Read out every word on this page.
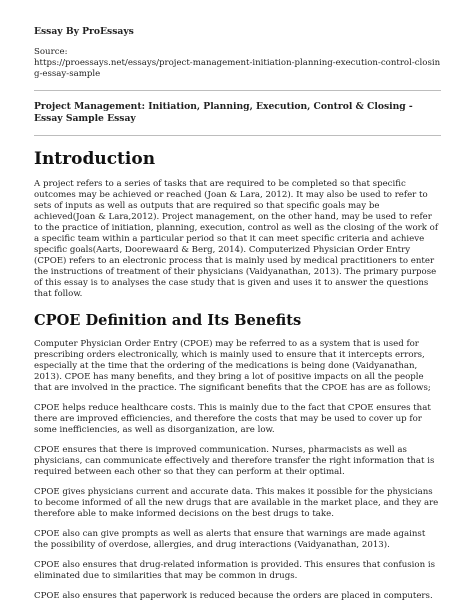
Essay By ProEssays
Source:
https://proessays.net/essays/project-management-initiation-planning-execution-control-closing-essay-sample
Project Management: Initiation, Planning, Execution, Control & Closing - Essay Sample Essay
Introduction

A project refers to a series of tasks that are required to be completed so that specific outcomes may be achieved or reached (Joan & Lara, 2012). It may also be used to refer to sets of inputs as well as outputs that are required so that specific goals may be achieved(Joan & Lara,2012). Project management, on the other hand, may be used to refer to the practice of initiation, planning, execution, control as well as the closing of the work of a specific team within a particular period so that it can meet specific criteria and achieve specific goals(Aarts, Doorewaard & Berg, 2014). Computerized Physician Order Entry (CPOE) refers to an electronic process that is mainly used by medical practitioners to enter the instructions of treatment of their physicians (Vaidyanathan, 2013). The primary purpose of this essay is to analyses the case study that is given and uses it to answer the questions that follow.

CPOE Definition and Its Benefits

Computer Physician Order Entry (CPOE) may be referred to as a system that is used for prescribing orders electronically, which is mainly used to ensure that it intercepts errors, especially at the time that the ordering of the medications is being done (Vaidyanathan, 2013). CPOE has many benefits, and they bring a lot of positive impacts on all the people that are involved in the practice. The significant benefits that the CPOE has are as follows;

CPOE helps reduce healthcare costs. This is mainly due to the fact that CPOE ensures that there are improved efficiencies, and therefore the costs that may be used to cover up for some inefficiencies, as well as disorganization, are low.

CPOE ensures that there is improved communication. Nurses, pharmacists as well as physicians, can communicate effectively and therefore transfer the right information that is required between each other so that they can perform at their optimal.

CPOE gives physicians current and accurate data. This makes it possible for the physicians to become informed of all the new drugs that are available in the market place, and they are therefore able to make informed decisions on the best drugs to take.

CPOE also can give prompts as well as alerts that ensure that warnings are made against the possibility of overdose, allergies, and drug interactions (Vaidyanathan, 2013).

CPOE also ensures that drug-related information is provided. This ensures that confusion is eliminated due to similarities that may be common in drugs.

CPOE also ensures that paperwork is reduced because the orders are placed in computers.
